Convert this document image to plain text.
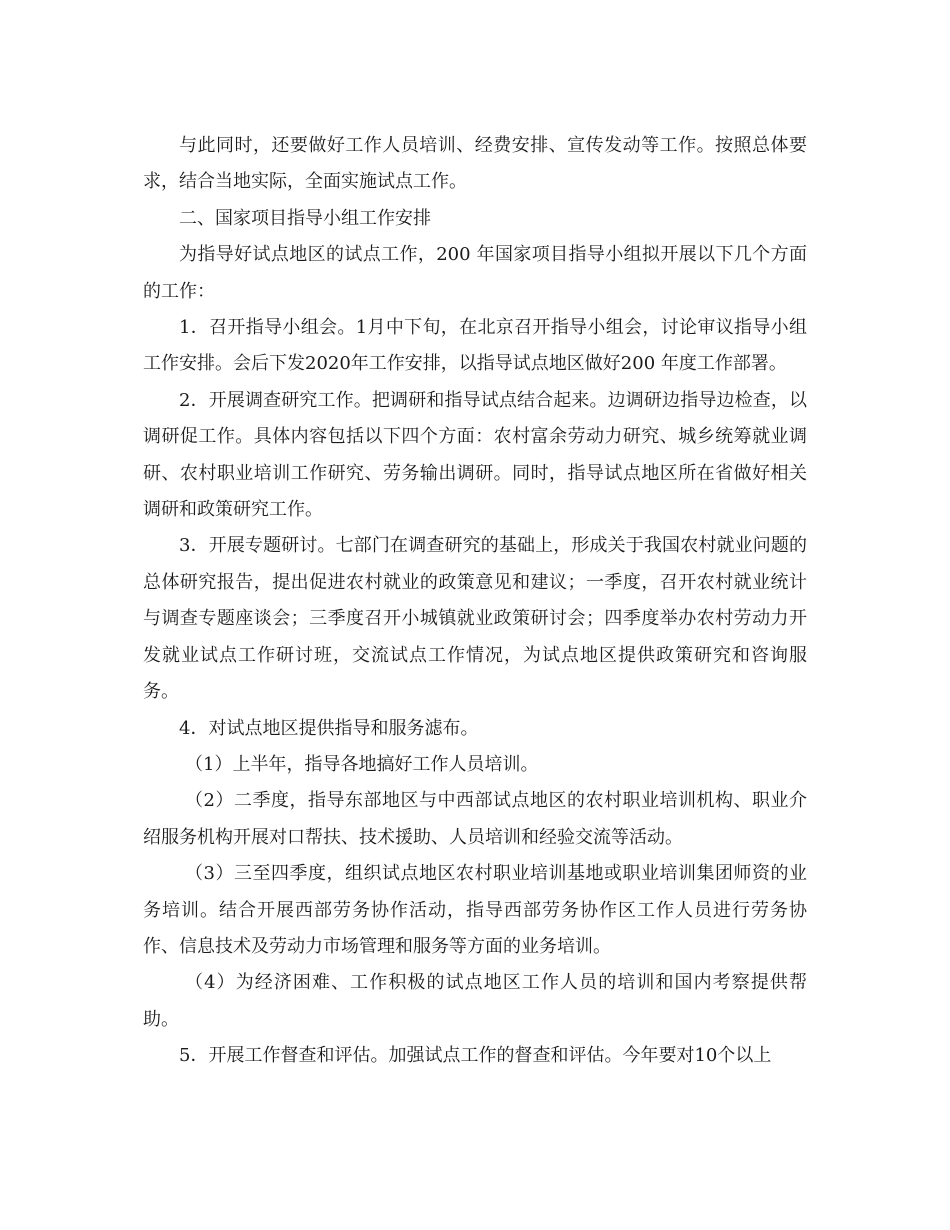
与此同时，还要做好工作人员培训、经费安排、宣传发动等工作。按照总体要求，结合当地实际，全面实施试点工作。

二、国家项目指导小组工作安排

为指导好试点地区的试点工作，200 年国家项目指导小组拟开展以下几个方面的工作：

1．召开指导小组会。1月中下旬，在北京召开指导小组会，讨论审议指导小组工作安排。会后下发2020年工作安排，以指导试点地区做好200 年度工作部署。

2．开展调查研究工作。把调研和指导试点结合起来。边调研边指导边检查，以调研促工作。具体内容包括以下四个方面：农村富余劳动力研究、城乡统筹就业调研、农村职业培训工作研究、劳务输出调研。同时，指导试点地区所在省做好相关调研和政策研究工作。

3．开展专题研讨。七部门在调查研究的基础上，形成关于我国农村就业问题的总体研究报告，提出促进农村就业的政策意见和建议；一季度，召开农村就业统计与调查专题座谈会；三季度召开小城镇就业政策研讨会；四季度举办农村劳动力开发就业试点工作研讨班，交流试点工作情况，为试点地区提供政策研究和咨询服务。

4．对试点地区提供指导和服务滤布。

（1）上半年，指导各地搞好工作人员培训。

（2）二季度，指导东部地区与中西部试点地区的农村职业培训机构、职业介绍服务机构开展对口帮扶、技术援助、人员培训和经验交流等活动。

（3）三至四季度，组织试点地区农村职业培训基地或职业培训集团师资的业务培训。结合开展西部劳务协作活动，指导西部劳务协作区工作人员进行劳务协作、信息技术及劳动力市场管理和服务等方面的业务培训。

（4）为经济困难、工作积极的试点地区工作人员的培训和国内考察提供帮助。

5．开展工作督查和评估。加强试点工作的督查和评估。今年要对10个以上
